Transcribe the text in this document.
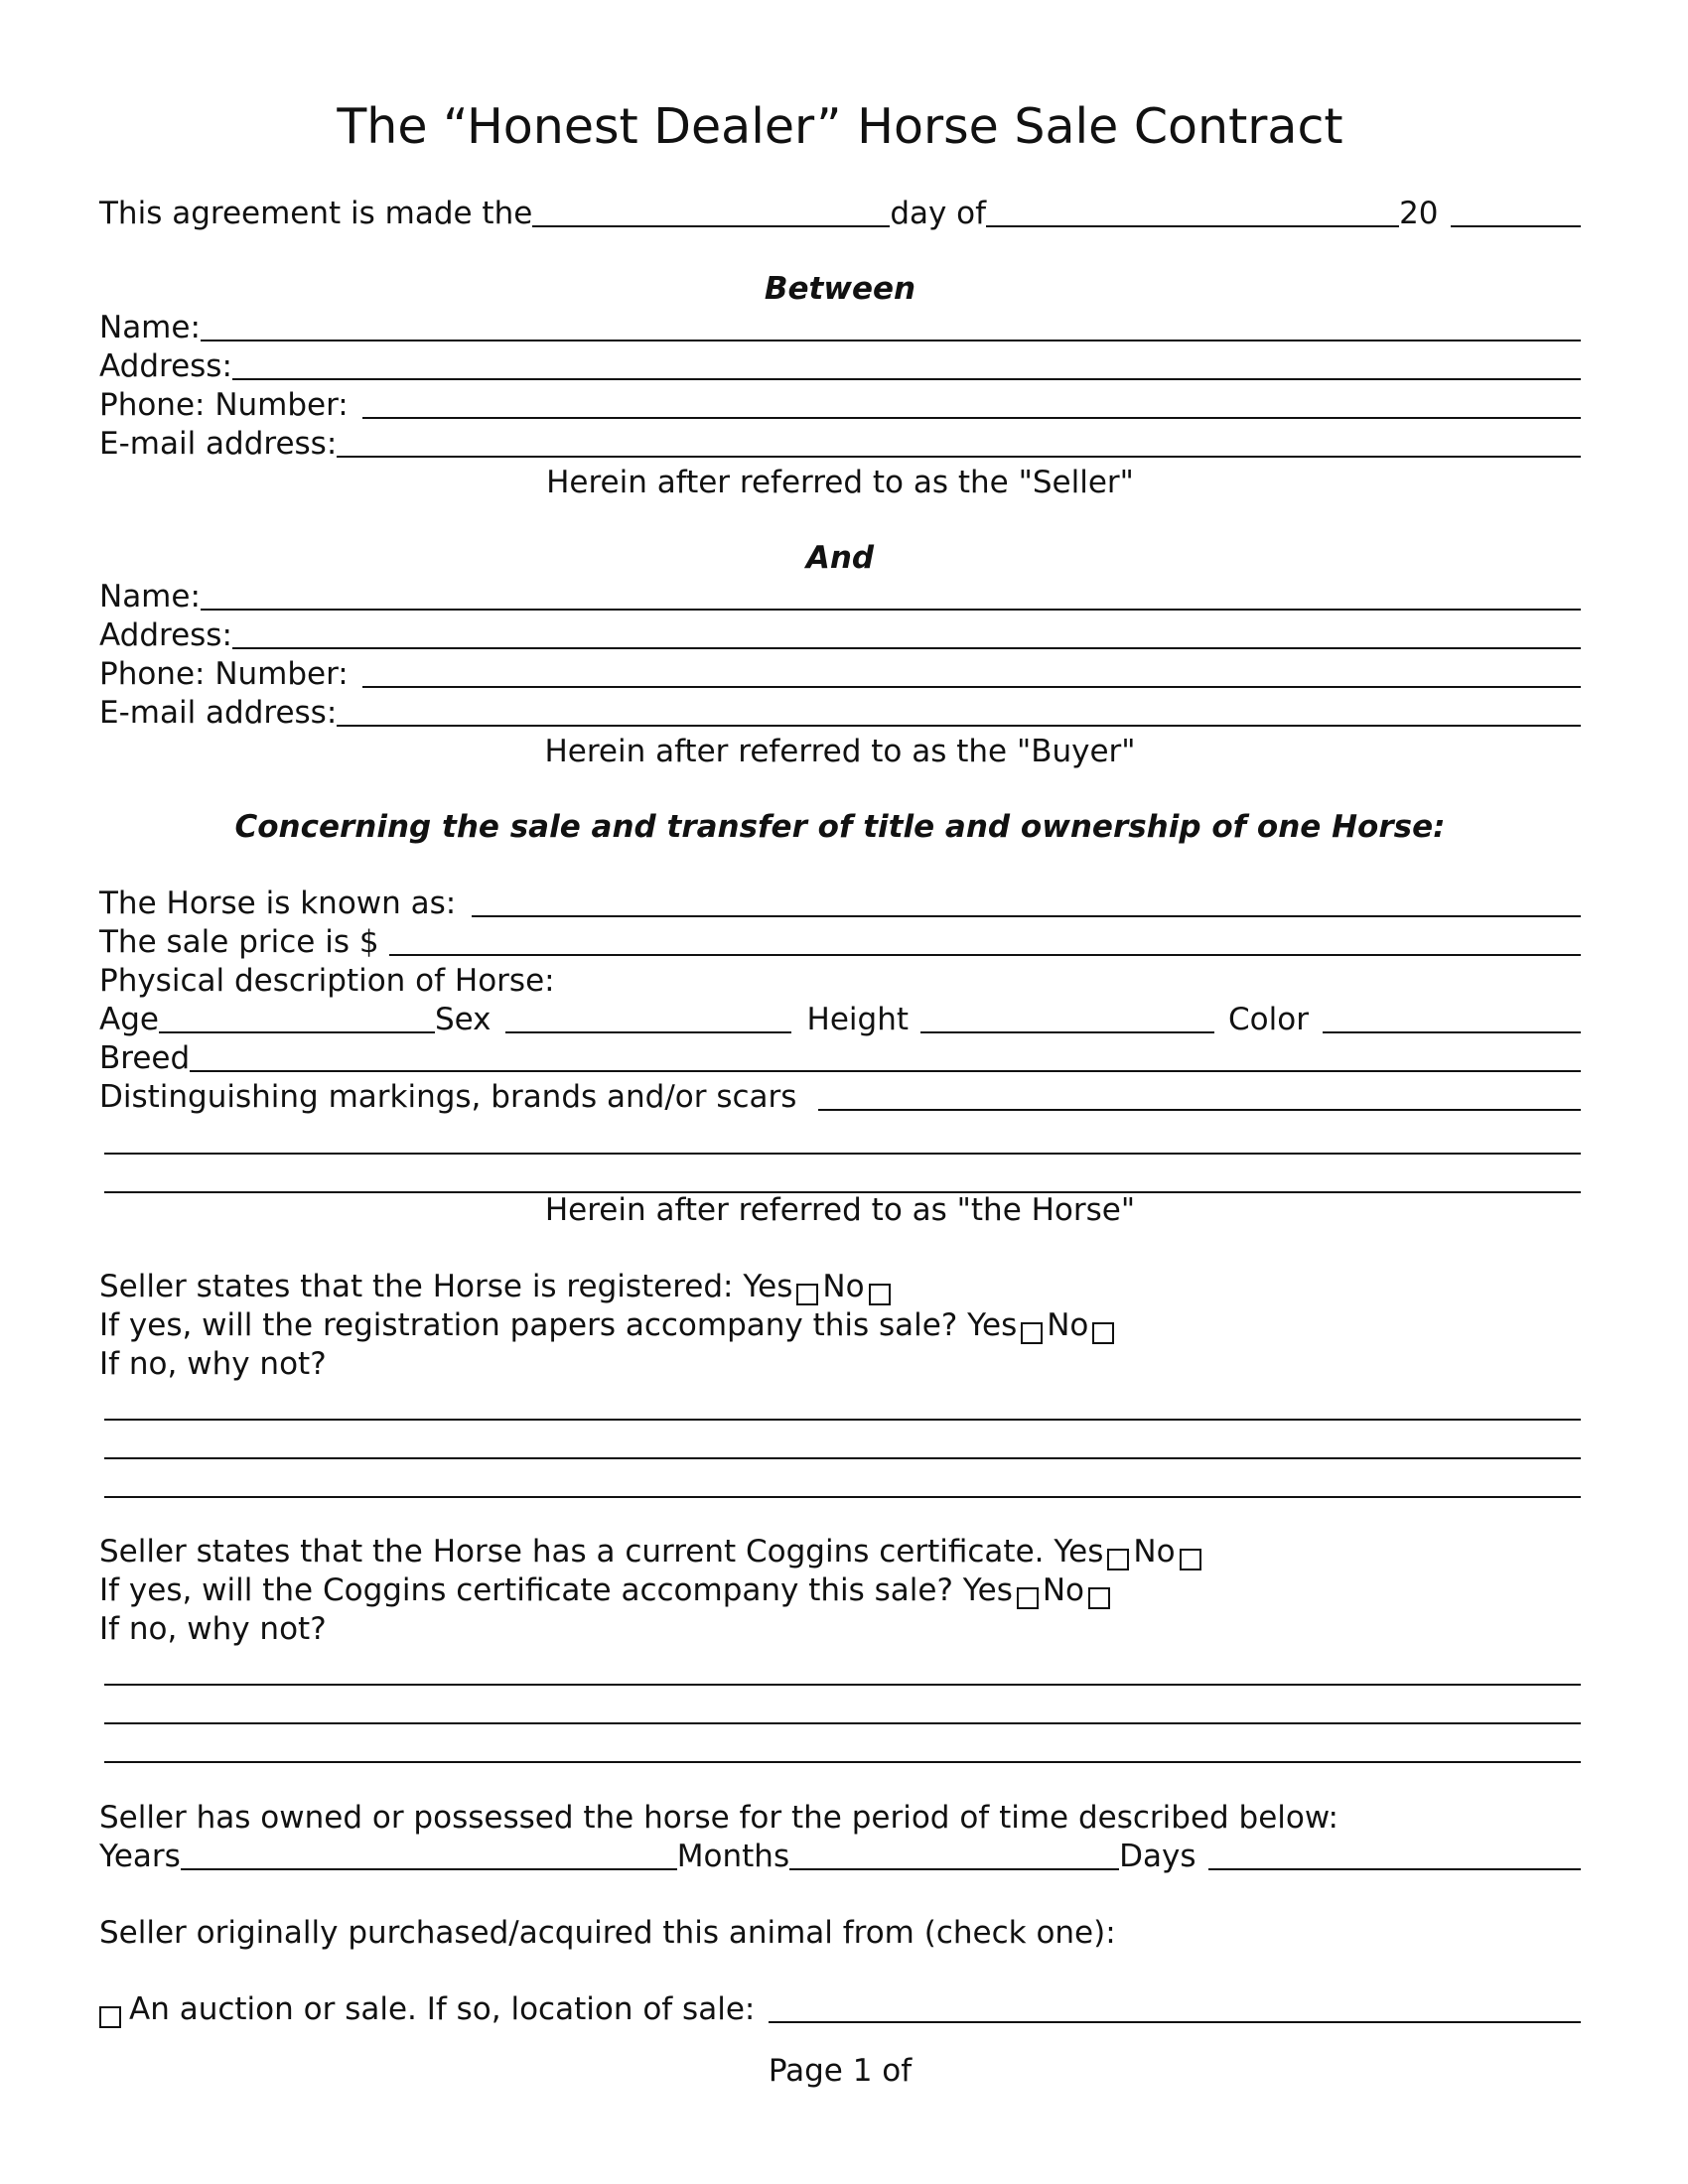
The “Honest Dealer” Horse Sale Contract
This agreement is made the	day of	20
Between
Name:
Address:
Phone: Number:
E-mail address:
Herein after referred to as the "Seller"
And
Name:
Address:
Phone: Number:
E-mail address:
Herein after referred to as the "Buyer"
Concerning the sale and transfer of title and ownership of one Horse:
The Horse is known as:
The sale price is $
Physical description of Horse:
Age	Sex	Height	Color
Breed
Distinguishing markings, brands and/or scars
Herein after referred to as "the Horse"
Seller states that the Horse is registered: Yes No
If yes, will the registration papers accompany this sale? Yes No
If no, why not?
Seller states that the Horse has a current Coggins certificate. Yes No
If yes, will the Coggins certificate accompany this sale? Yes No
If no, why not?
Seller has owned or possessed the horse for the period of time described below:
Years	Months	Days
Seller originally purchased/acquired this animal from (check one):
An auction or sale. If so, location of sale:
Page 1 of
